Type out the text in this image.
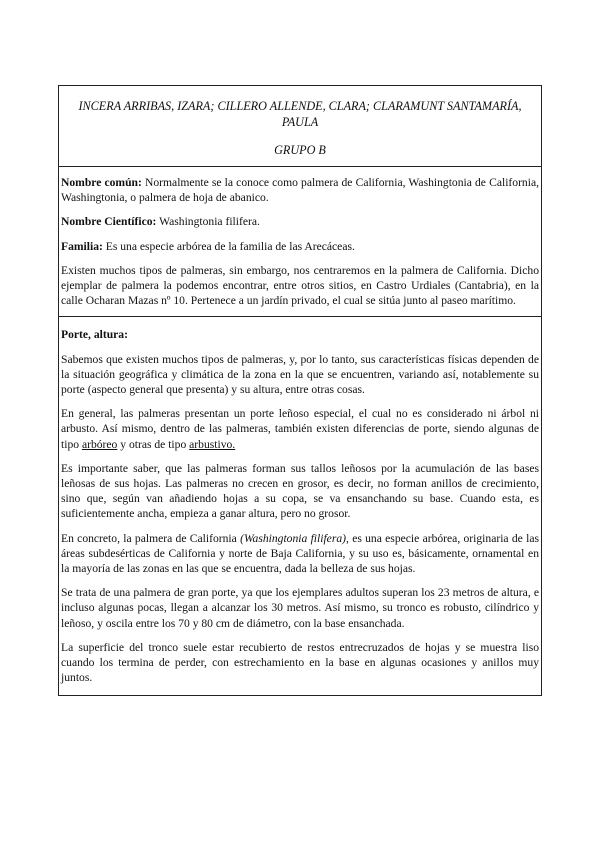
INCERA ARRIBAS, IZARA; CILLERO ALLENDE, CLARA; CLARAMUNT SANTAMARÍA, PAULA

GRUPO B

Nombre común: Normalmente se la conoce como palmera de California, Washingtonia de California, Washingtonia, o palmera de hoja de abanico.

Nombre Científico: Washingtonia filifera.

Familia: Es una especie arbórea de la familia de las Arecáceas.

Existen muchos tipos de palmeras, sin embargo, nos centraremos en la palmera de California. Dicho ejemplar de palmera la podemos encontrar, entre otros sitios, en Castro Urdiales (Cantabria), en la calle Ocharan Mazas nº 10. Pertenece a un jardín privado, el cual se sitúa junto al paseo marítimo.

Porte, altura:

Sabemos que existen muchos tipos de palmeras, y, por lo tanto, sus características físicas dependen de la situación geográfica y climática de la zona en la que se encuentren, variando así, notablemente su porte (aspecto general que presenta) y su altura, entre otras cosas.

En general, las palmeras presentan un porte leñoso especial, el cual no es considerado ni árbol ni arbusto. Así mismo, dentro de las palmeras, también existen diferencias de porte, siendo algunas de tipo arbóreo y otras de tipo arbustivo.

Es importante saber, que las palmeras forman sus tallos leñosos por la acumulación de las bases leñosas de sus hojas. Las palmeras no crecen en grosor, es decir, no forman anillos de crecimiento, sino que, según van añadiendo hojas a su copa, se va ensanchando su base. Cuando esta, es suficientemente ancha, empieza a ganar altura, pero no grosor.

En concreto, la palmera de California (Washingtonia filifera), es una especie arbórea, originaria de las áreas subdesérticas de California y norte de Baja California, y su uso es, básicamente, ornamental en la mayoría de las zonas en las que se encuentra, dada la belleza de sus hojas.

Se trata de una palmera de gran porte, ya que los ejemplares adultos superan los 23 metros de altura, e incluso algunas pocas, llegan a alcanzar los 30 metros. Así mismo, su tronco es robusto, cilíndrico y leñoso, y oscila entre los 70 y 80 cm de diámetro, con la base ensanchada.

La superficie del tronco suele estar recubierto de restos entrecruzados de hojas y se muestra liso cuando los termina de perder, con estrechamiento en la base en algunas ocasiones y anillos muy juntos.
